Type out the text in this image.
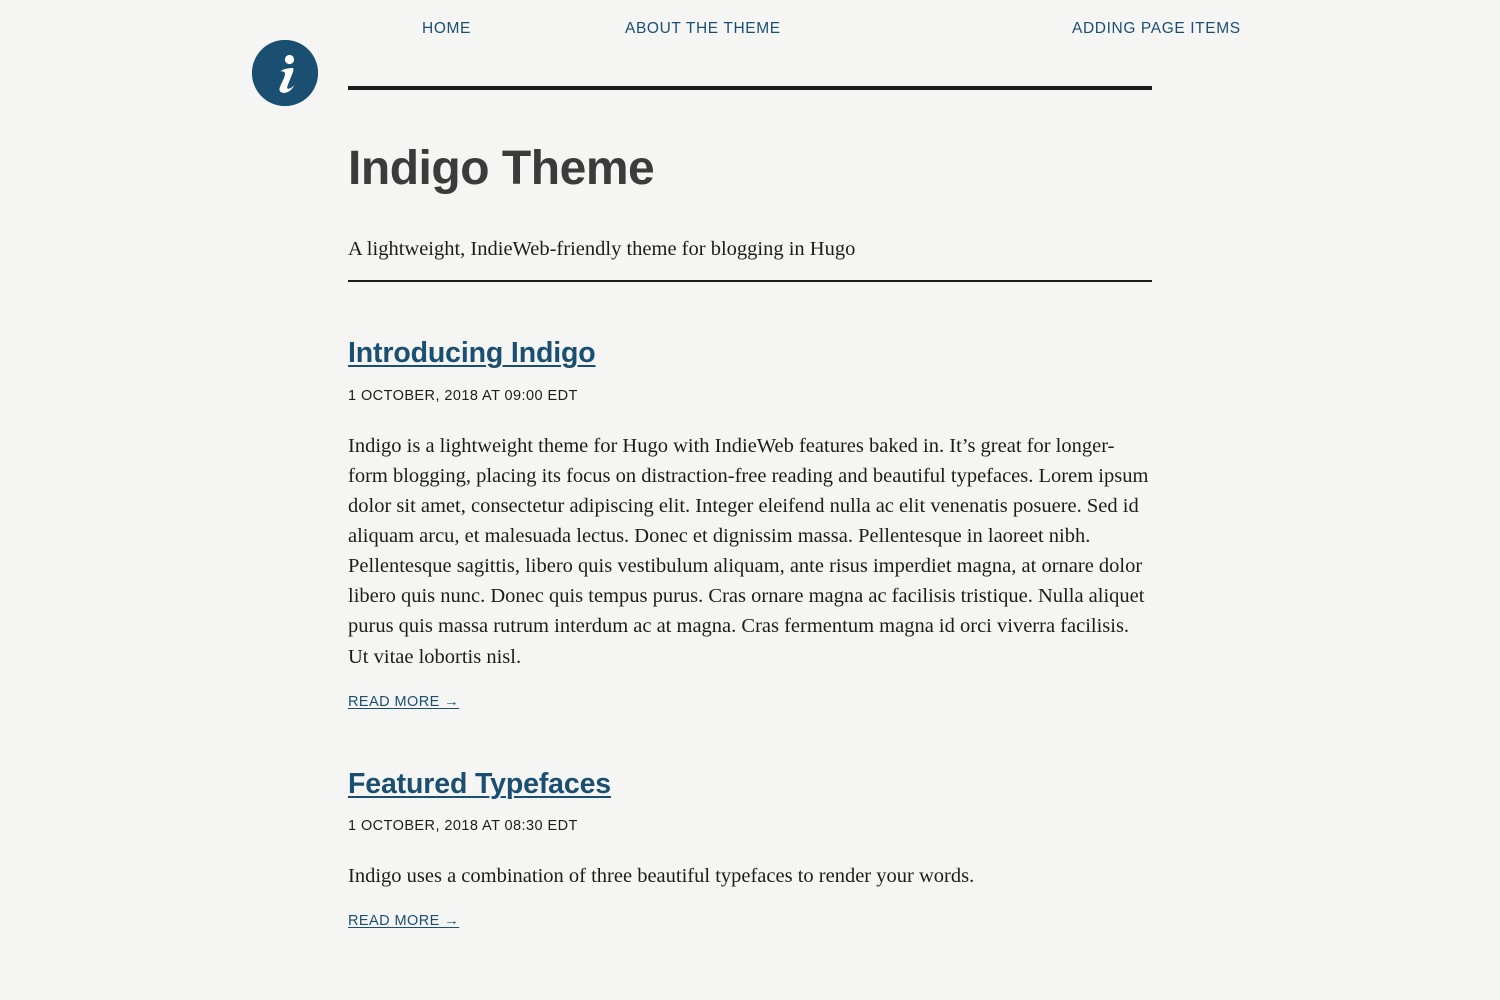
HOME	ABOUT THE THEME	ADDING PAGE ITEMS
Indigo Theme

A lightweight, IndieWeb-friendly theme for blogging in Hugo

Introducing Indigo

1 OCTOBER, 2018 AT 09:00 EDT

Indigo is a lightweight theme for Hugo with IndieWeb features baked in. It’s great for longer-form blogging, placing its focus on distraction-free reading and beautiful typefaces. Lorem ipsum dolor sit amet, consectetur adipiscing elit. Integer eleifend nulla ac elit venenatis posuere. Sed id aliquam arcu, et malesuada lectus. Donec et dignissim massa. Pellentesque in laoreet nibh. Pellentesque sagittis, libero quis vestibulum aliquam, ante risus imperdiet magna, at ornare dolor libero quis nunc. Donec quis tempus purus. Cras ornare magna ac facilisis tristique. Nulla aliquet purus quis massa rutrum interdum ac at magna. Cras fermentum magna id orci viverra facilisis. Ut vitae lobortis nisl.

READ MORE →
Featured Typefaces

1 OCTOBER, 2018 AT 08:30 EDT

Indigo uses a combination of three beautiful typefaces to render your words.

READ MORE →
